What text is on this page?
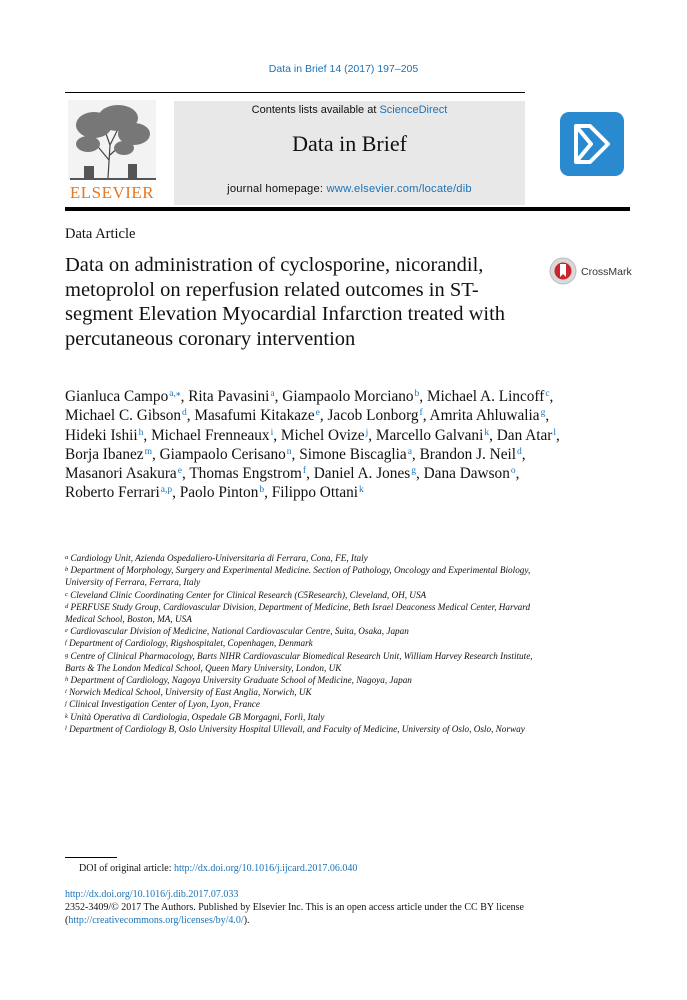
Data in Brief 14 (2017) 197–205
ELSEVIER
Contents lists available at ScienceDirect
Data in Brief
journal homepage: www.elsevier.com/locate/dib
Data Article
Data on administration of cyclosporine, nicorandil, metoprolol on reperfusion related outcomes in ST-segment Elevation Myocardial Infarction treated with percutaneous coronary intervention
CrossMark
Gianluca Campo$^{a,⁎}$, Rita Pavasini$^a$, Giampaolo Morciano$^b$, Michael A. Lincoff$^c$, Michael C. Gibson$^d$, Masafumi Kitakaze$^e$, Jacob Lonborg$^f$, Amrita Ahluwalia$^g$, Hideki Ishii$^h$, Michael Frenneaux$^i$, Michel Ovize$^j$, Marcello Galvani$^k$, Dan Atar$^l$, Borja Ibanez$^m$, Giampaolo Cerisano$^n$, Simone Biscaglia$^a$, Brandon J. Neil$^d$, Masanori Asakura$^e$, Thomas Engstrom$^f$, Daniel A. Jones$^g$, Dana Dawson$^o$, Roberto Ferrari$^{a,p}$, Paolo Pinton$^b$, Filippo Ottani$^k$
$^a$ Cardiology Unit, Azienda Ospedaliero-Universitaria di Ferrara, Cona, FE, Italy
$^b$ Department of Morphology, Surgery and Experimental Medicine. Section of Pathology, Oncology and Experimental Biology, University of Ferrara, Ferrara, Italy
$^c$ Cleveland Clinic Coordinating Center for Clinical Research (C5Research), Cleveland, OH, USA
$^d$ PERFUSE Study Group, Cardiovascular Division, Department of Medicine, Beth Israel Deaconess Medical Center, Harvard Medical School, Boston, MA, USA
$^e$ Cardiovascular Division of Medicine, National Cardiovascular Centre, Suita, Osaka, Japan
$^f$ Department of Cardiology, Rigshospitalet, Copenhagen, Denmark
$^g$ Centre of Clinical Pharmacology, Barts NIHR Cardiovascular Biomedical Research Unit, William Harvey Research Institute, Barts & The London Medical School, Queen Mary University, London, UK
$^h$ Department of Cardiology, Nagoya University Graduate School of Medicine, Nagoya, Japan
$^i$ Norwich Medical School, University of East Anglia, Norwich, UK
$^j$ Clinical Investigation Center of Lyon, Lyon, France
$^k$ Unità Operativa di Cardiologia, Ospedale GB Morgagni, Forlì, Italy
$^l$ Department of Cardiology B, Oslo University Hospital Ullevall, and Faculty of Medicine, University of Oslo, Oslo, Norway
DOI of original article: http://dx.doi.org/10.1016/j.ijcard.2017.06.040
http://dx.doi.org/10.1016/j.dib.2017.07.033
2352-3409/© 2017 The Authors. Published by Elsevier Inc. This is an open access article under the CC BY license
(http://creativecommons.org/licenses/by/4.0/).
